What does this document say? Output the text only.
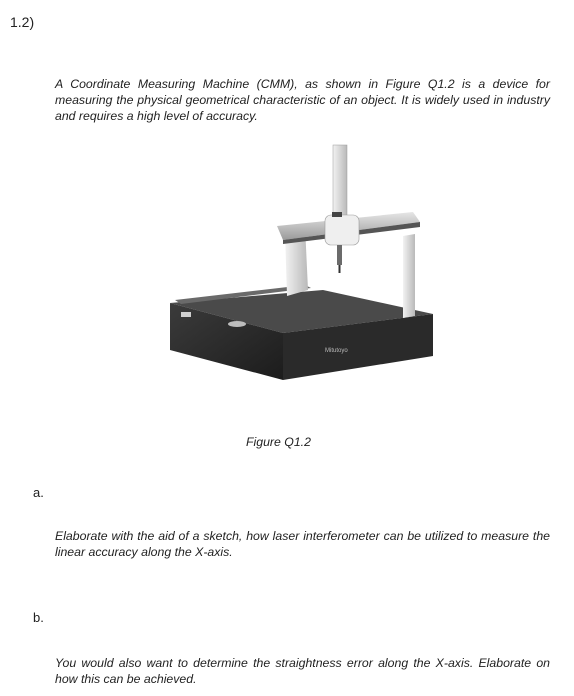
1.2)
A Coordinate Measuring Machine (CMM), as shown in Figure Q1.2 is a device for measuring the physical geometrical characteristic of an object. It is widely used in industry and requires a high level of accuracy.
Mitutoyo
Figure Q1.2
a.
Elaborate with the aid of a sketch, how laser interferometer can be utilized to measure the linear accuracy along the X-axis.
b.
You would also want to determine the straightness error along the X-axis. Elaborate on how this can be achieved.
